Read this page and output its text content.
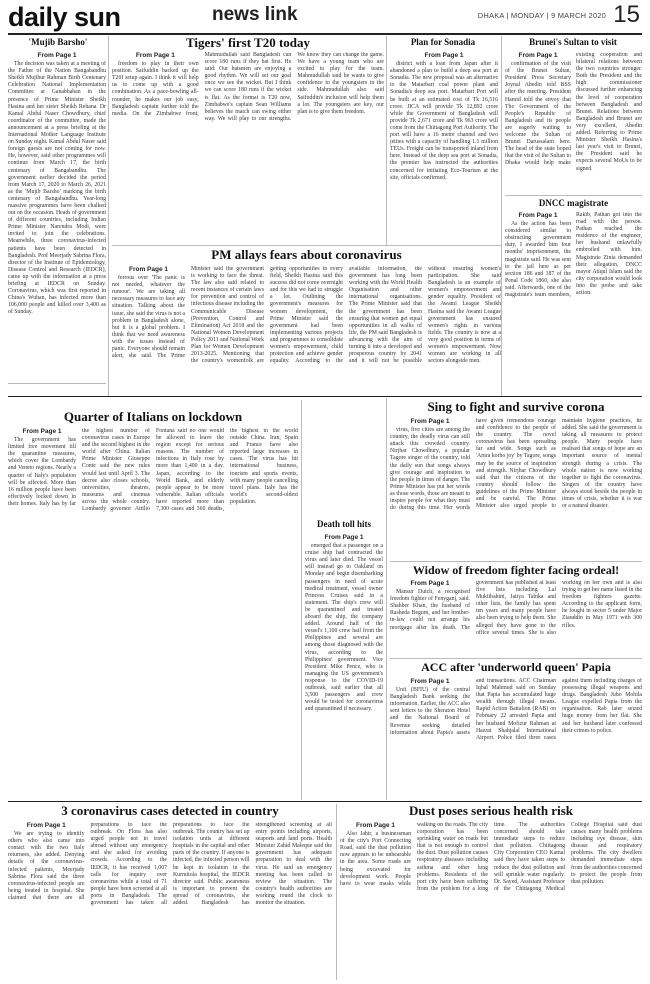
daily sun	news link	DHAKA | MONDAY | 9 MARCH 2020 15
'Mujib Barsho'	Tigers' first T20 today	Plan for Sonadia	Brunei's Sultan to visit
From Page 1

The decision was taken at a meeting of the Father of the Nation Bangabandhu Sheikh Mujibur Rahman Birth Centenary Celebration National Implementation Committee at Ganabhaban in the presence of Prime Minister Sheikh Hasina and her sister Sheikh Rehana. Dr Kamal Abdul Naser Chowdhury, chief coordinator of the committee, made the announcement at a press briefing at the International Mother Language Institute on Sunday night. Kamal Abdul Naser said foreign guests are not coming for now. He, however, said other programmes will continue from March 17, the birth centenary of Bangabandhu. The government earlier decided the period from March 17, 2020 to March 26, 2021 as the 'Mujib Barsho' marking the birth centenary of Bangabandhu. Year-long massive programmes have been chalked out on the occasion. Heads of government of different countries, including Indian Prime Minister Narendra Modi, were invited to join the celebrations. Meanwhile, three coronavirus-infected patients have been detected in Bangladesh. Prof Meerjady Sabrina Flora, director of the Institute of Epidemiology, Disease Control and Research (IEDCR), came up with the information at a press briefing at IEDCR on Sunday. Coronavirus, which was first reported in China's Wuhan, has infected more than 106,000 people and killed over 3,400 as of Sunday.

From Page 1

freedom to play in their own position. Saifuddin backed up the T20I setup again. I think it will help us to come up with a good combination. As a pace-bowling all-rounder, he makes our job easy, Bangladesh captain further told the media. On the Zimbabwe front, Mahmudullah said Bangladesh can score 180 runs if they bat first. He said: Our batsmen are enjoying a good rhythm. We will set our goal once we see the wicket. But I think we can score 180 runs if the wicket is flat. As the format is T20 now, Zimbabwe's captain Sean Williams believes the match can swing either way. We will play to our strengths. We know they can change the game. We have a young team who are excited to play for the team. Mahmudullah said he wants to give confidence to the youngsters in the side. Mahmudullah also said Saifuddin's inclusion will help them a lot. The youngsters are key, our plan is to give them freedom.

From Page 1

district with a loan from Japan after it abandoned a plan to build a deep sea port at Sonadia. The new proposal was an alternative to the Matarbari coal power plant and Sonadia's deep sea port. Matarbari Port will be built at an estimated cost of Tk 16,516 crore. JICA will provide Tk 12,892 crore while the Government of Bangladesh will provide Tk 2,671 crore and Tk 963 crore will come from the Chittagong Port Authority. The port will have a 16 metre channel and two jetties with a capacity of handling 1.1 million TEUs. Freight can be transported inland from here. Instead of the deep sea port at Sonadia, the premier has instructed the authorities concerned for initiating Eco-Tourism at the site, officials confirmed.

From Page 1

confirmation of the visit of the Brunei Sultan, President Press Secretary Joynal Abedin told BSS after the meeting. President Hamid told the envoy that The Government of the People's Republic of Bangladesh and its people are eagerly waiting to welcome the Sultan of Brunei Darussalam here. The head of the state hoped that the visit of the Sultan to Dhaka would help make existing cooperation and bilateral relations between the two countries stronger. Both the President and the high commissioner discussed further enhancing the level of cooperation between Bangladesh and Brunei. Relations between Bangladesh and Brunei are very excellent, Abedin added. Referring to Prime Minister Sheikh Hasina's last year's visit to Brunei, the President said he expects several MoUs to be signed.

DNCC magistrate
From Page 1

As the action has been considered similar to obstructing government duty, I awarded him four months' imprisonment, the magistrate said. He was sent to the jail here as per section 186 and 187 of the Penal Code 1860, she also said. Afterwards, one of the magistrate's team members, Rakib, Pathan got into the road with the person. Pathan reached the residence of the engineer, her husband unlawfully embroiled with him. Magistrate Zinia demanded their allegation, DNCC mayor Atiqul Islam said the city corporation would look into the probe and take action.

PM allays fears about coronavirus
From Page 1

ferrous over 'The panic is not needed, whatever the rumour'. We are taking all necessary measures to face any situation. Talking about the issue, she said the virus is not a problem in Bangladesh alone, but it is a global problem. I think that we need awareness with the issues instead of panic. Everyone should remain alert, she said. The Prime Minister said the government is working to face the threat. The law also said related to recent instances of certain laws for prevention and control of infectious disease including the Communicable Disease (Prevention, Control and Elimination) Act 2018 and the National Women Development Policy 2011 and National Work Plan for Women Development 2013-2025. Mentioning that the country's womenfolk are getting opportunities in every field, Sheikh Hasina said this success did not come overnight and for this we had to struggle a lot. Outlining the government's measures for women development, the Prime Minister said the government had been implementing various projects and programmes to consolidate women's empowerment, child protection and achieve gender equality. According to the available information, the government has long been working with the World Health Organisation and other international organisations. The Prime Minister said that the government has been ensuring that women get equal opportunities in all walks of life, the PM said Bangladesh is advancing with the aim of turning it into a developed and prosperous country by 2041 and it will not be possible without ensuring women's participation. She said Bangladesh is an example of women's empowerment and gender equality. President of the Awami League Sheikh Hasina said the Awami League government has ensured women's rights in various fields. The country is now at a very good position in terms of women's empowerment. Now women are working in all sectors alongside men.

Sing to fight and survive corona
From Page 1

virus, five cities are among the country, the deadly virus can still attack this crowded country. Nirjhar Chowdhury, a popular Tagore singer of the country, told the daily sun that songs always give courage and inspiration to the people in times of danger. The Prime Minister has put her words as those words, those are meant to inspire people for what they must do during this time. Her words have given tremendous courage and confidence to the people of the country. The novel coronavirus has been spreading far and wide. Songs such as 'Amra korbo joy' by Tagore, songs may be the source of inspiration and strength. Nirjhar Chowdhury said that the citizens of the country should follow the guidelines of the Prime Minister and be careful. The Prime Minister also urged people to maintain hygiene practices, he added. She said the government is taking all measures to protect people. Many people have realised that songs of hope are an important source of mental strength during a crisis. The whole nation is now working together to fight the coronavirus. Singers of the country have always stood beside the people in times of crisis, whether it is war or a natural disaster.

Quarter of Italians on lockdown
From Page 1

The government has limited free movement till the quarantine measures, which cover the Lombardy and Veneto regions. Nearly a quarter of Italy's population will be affected. More than 16 million people have been effectively locked down in their homes. Italy has by far the highest number of coronavirus cases in Europe and the second highest in the world after China. Italian Prime Minister Giuseppe Conte said the new rules would last until April 3. The decree also closes schools, universities, theatres, museums and cinemas across the whole country. Lombardy governor Attilio Fontana said no one would be allowed to leave the region except for serious reasons. The number of infections in Italy rose by more than 1,400 in a day. Japan, according to the World Bank, and elderly people appear to be more vulnerable. Italian officials have reported more than 7,300 cases and 366 deaths, the highest in the world outside China. Iran, Spain and France have also reported large increases in cases. The virus has hit international business, tourism and sports events, with many people cancelling travel plans. Italy has the world's second-oldest population.

Death toll hits
From Page 1

emerged that a passenger on a cruise ship had contracted the virus and later died. The vessel will instead go to Oakland on Monday and begin disembarking passengers in need of acute medical treatment, vessel owner Princess Cruises said in a statement. The ship's crew will be quarantined and treated aboard the ship, the company added. Around half of the vessel's 1,100 crew hail from the Philippines and several are among those diagnosed with the virus, according to the Philippines' government. Vice President Mike Pence, who is managing the US government's response to the COVID-19 outbreak, said earlier that all 3,500 passengers and crew would be tested for coronavirus and quarantined if necessary.

Widow of freedom fighter facing ordeal!
From Page 1

Mansur Dutch, a recognised freedom fighter of Fenyganj, said. Shahber Khan, the husband of Rasheda Begum, and her brother-in-law could not arrange his mortgage after his death. The government has published at least five lists including Lal Muktibahini, Jatiya Tabika and other lists, the family has spent ten years and many people have also been trying to help them. She alleged they have gone to the office several times. She is also working on her own and is also trying to get her name listed in the freedom fighters gazette. According to the applicant form, he fought in sector 5 under Major Ziauddin in May 1971 with 300 rifles.

ACC after 'underworld queen' Papia
From Page 1

Unit (BFIU) of the central Bangladesh Bank seeking the information. Earlier, the ACC also sent letters to the Sheraton Hotel and the National Board of Revenue seeking detailed information about Papia's assets and transactions. ACC Chairman Iqbal Mahmud said on Sunday that Papia has accumulated huge wealth through illegal means. Rapid Action Battalion (RAB) on February 22 arrested Papia and her husband Mofizur Rahman at Hazrat Shahjalal International Airport. Police filed three cases against them including charges of possessing illegal weapons and drugs. Bangladesh Jubo Mohila League expelled Papia from the organisation. Rab later seized huge money from her flat. She and her husband later confessed their crimes to police.

3 coronavirus cases detected in country
From Page 1

We are trying to identify others who also came into contact with the two Italy returnees, she added. Denying details of the coronavirus-infected patients, Meerjady Sabrina Flora said the three coronavirus-infected people are being treated in hospital. She claimed that there are all preparations to face the outbreak. On Flora has also urged people not to travel abroad without any emergency and she asked for avoiding crowds. According to the IEDCR, it has received 1,007 calls for inquiry over coronavirus while a total of 71 people have been screened at all ports in Bangladesh. The government has taken all preparations to face the outbreak. The country has set up isolation units at different hospitals in the capital and other parts of the country. If anyone is infected, the infected person will be kept in isolation in the Kurmitola hospital, the IEDCR director said. Public awareness is important to prevent the spread of coronavirus, she added. Bangladesh has strengthened screening at all entry points including airports, seaports and land ports. Health Minister Zahid Maleque said the government has adequate preparation to deal with the virus. He said an emergency meeting has been called to review the situation. The country's health authorities are working round the clock to monitor the situation.

Dust poses serious health risk
From Page 1

Also Jahir, a businessman of the city's Port Connecting Road, said the dust pollution now appears to be unbearable in the area. Some roads are being excavated for development work. People have to wear masks while walking on the roads. The city corporation has been sprinkling water on roads but that is not enough to control the dust. Dust pollution causes respiratory diseases including asthma and other lung problems. Residents of the port city have been suffering from the problem for a long time. The authorities concerned should take immediate steps to reduce dust pollution. Chittagong City Corporation CEO Kamal said they have taken steps to reduce the dust pollution and will sprinkle water regularly. Dr. Sayed, Assistant Professor of the Chittagong Medical College Hospital said dust causes many health problems including eye disease, skin disease and respiratory problems. The city dwellers demanded immediate steps from the authorities concerned to protect the people from dust pollution.
